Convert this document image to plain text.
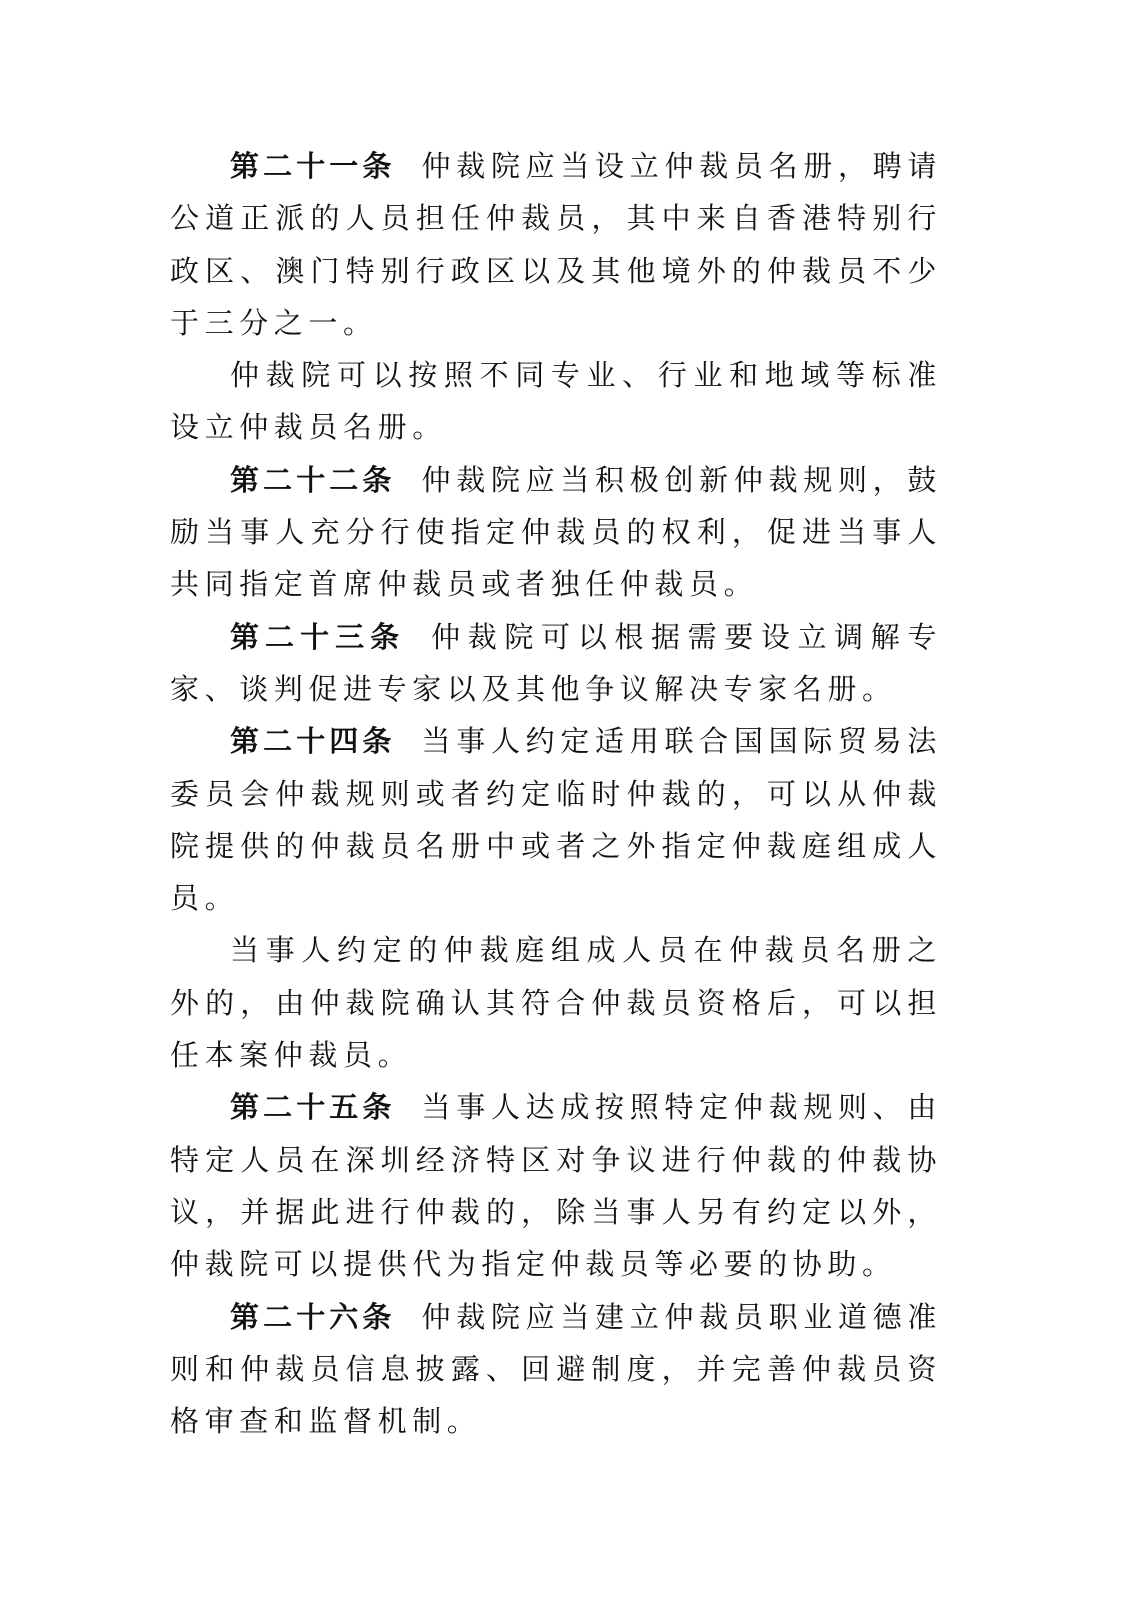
第二十一条 仲裁院应当设立仲裁员名册，聘请公道正派的人员担任仲裁员，其中来自香港特别行政区、澳门特别行政区以及其他境外的仲裁员不少于三分之一。

仲裁院可以按照不同专业、行业和地域等标准设立仲裁员名册。

第二十二条 仲裁院应当积极创新仲裁规则，鼓励当事人充分行使指定仲裁员的权利，促进当事人共同指定首席仲裁员或者独任仲裁员。

第二十三条 仲裁院可以根据需要设立调解专家、谈判促进专家以及其他争议解决专家名册。

第二十四条 当事人约定适用联合国国际贸易法委员会仲裁规则或者约定临时仲裁的，可以从仲裁院提供的仲裁员名册中或者之外指定仲裁庭组成人员。

当事人约定的仲裁庭组成人员在仲裁员名册之外的，由仲裁院确认其符合仲裁员资格后，可以担任本案仲裁员。

第二十五条 当事人达成按照特定仲裁规则、由特定人员在深圳经济特区对争议进行仲裁的仲裁协议，并据此进行仲裁的，除当事人另有约定以外，仲裁院可以提供代为指定仲裁员等必要的协助。

第二十六条 仲裁院应当建立仲裁员职业道德准则和仲裁员信息披露、回避制度，并完善仲裁员资格审查和监督机制。
